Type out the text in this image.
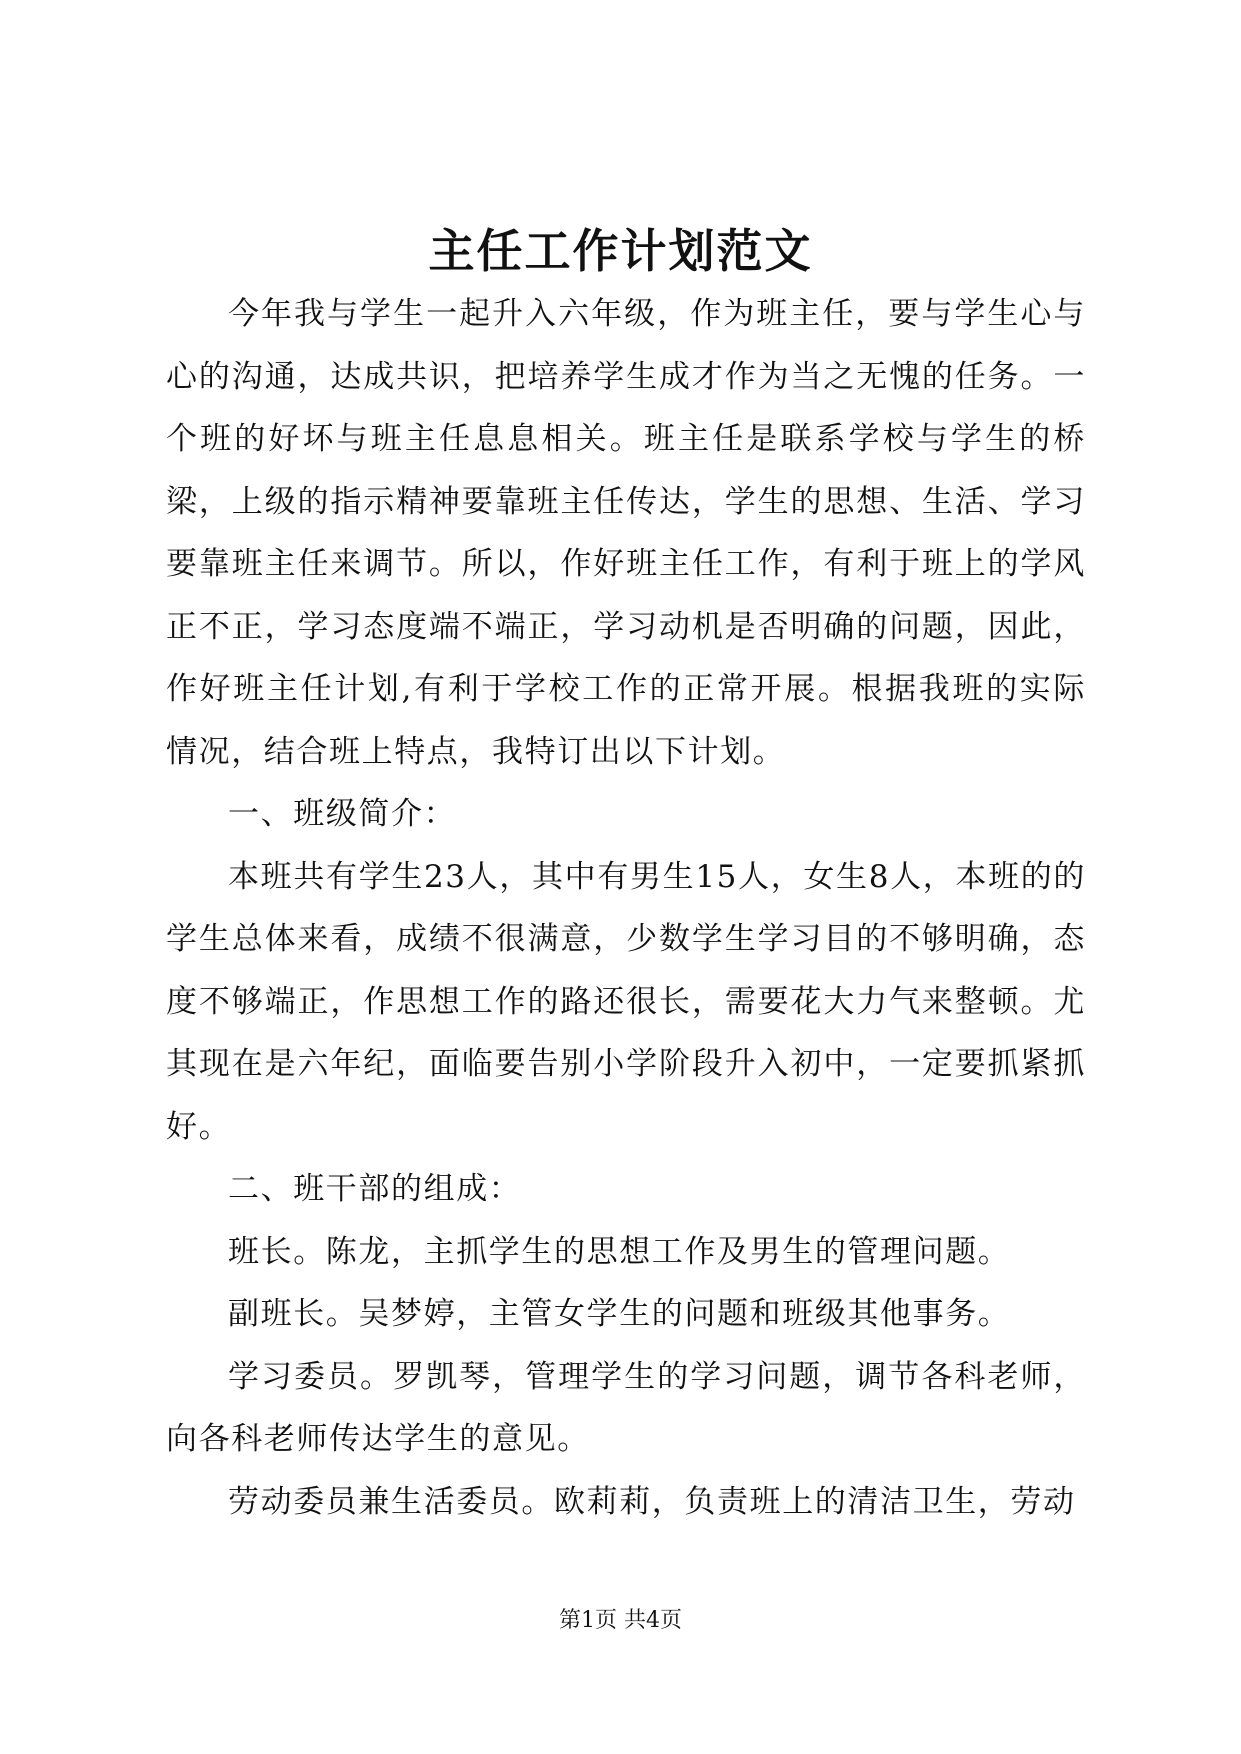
主任工作计划范文

今年我与学生一起升入六年级，作为班主任，要与学生心与心的沟通，达成共识，把培养学生成才作为当之无愧的任务。一个班的好坏与班主任息息相关。班主任是联系学校与学生的桥梁，上级的指示精神要靠班主任传达，学生的思想、生活、学习要靠班主任来调节。所以，作好班主任工作，有利于班上的学风正不正，学习态度端不端正，学习动机是否明确的问题，因此，作好班主任计划,有利于学校工作的正常开展。根据我班的实际情况，结合班上特点，我特订出以下计划。

一、班级简介：

本班共有学生23人，其中有男生15人，女生8人，本班的的学生总体来看，成绩不很满意，少数学生学习目的不够明确，态度不够端正，作思想工作的路还很长，需要花大力气来整顿。尤其现在是六年纪，面临要告别小学阶段升入初中，一定要抓紧抓好。

二、班干部的组成：

班长。陈龙，主抓学生的思想工作及男生的管理问题。

副班长。吴梦婷，主管女学生的问题和班级其他事务。

学习委员。罗凯琴，管理学生的学习问题，调节各科老师，向各科老师传达学生的意见。

劳动委员兼生活委员。欧莉莉，负责班上的清洁卫生，劳动

第1页 共4页
